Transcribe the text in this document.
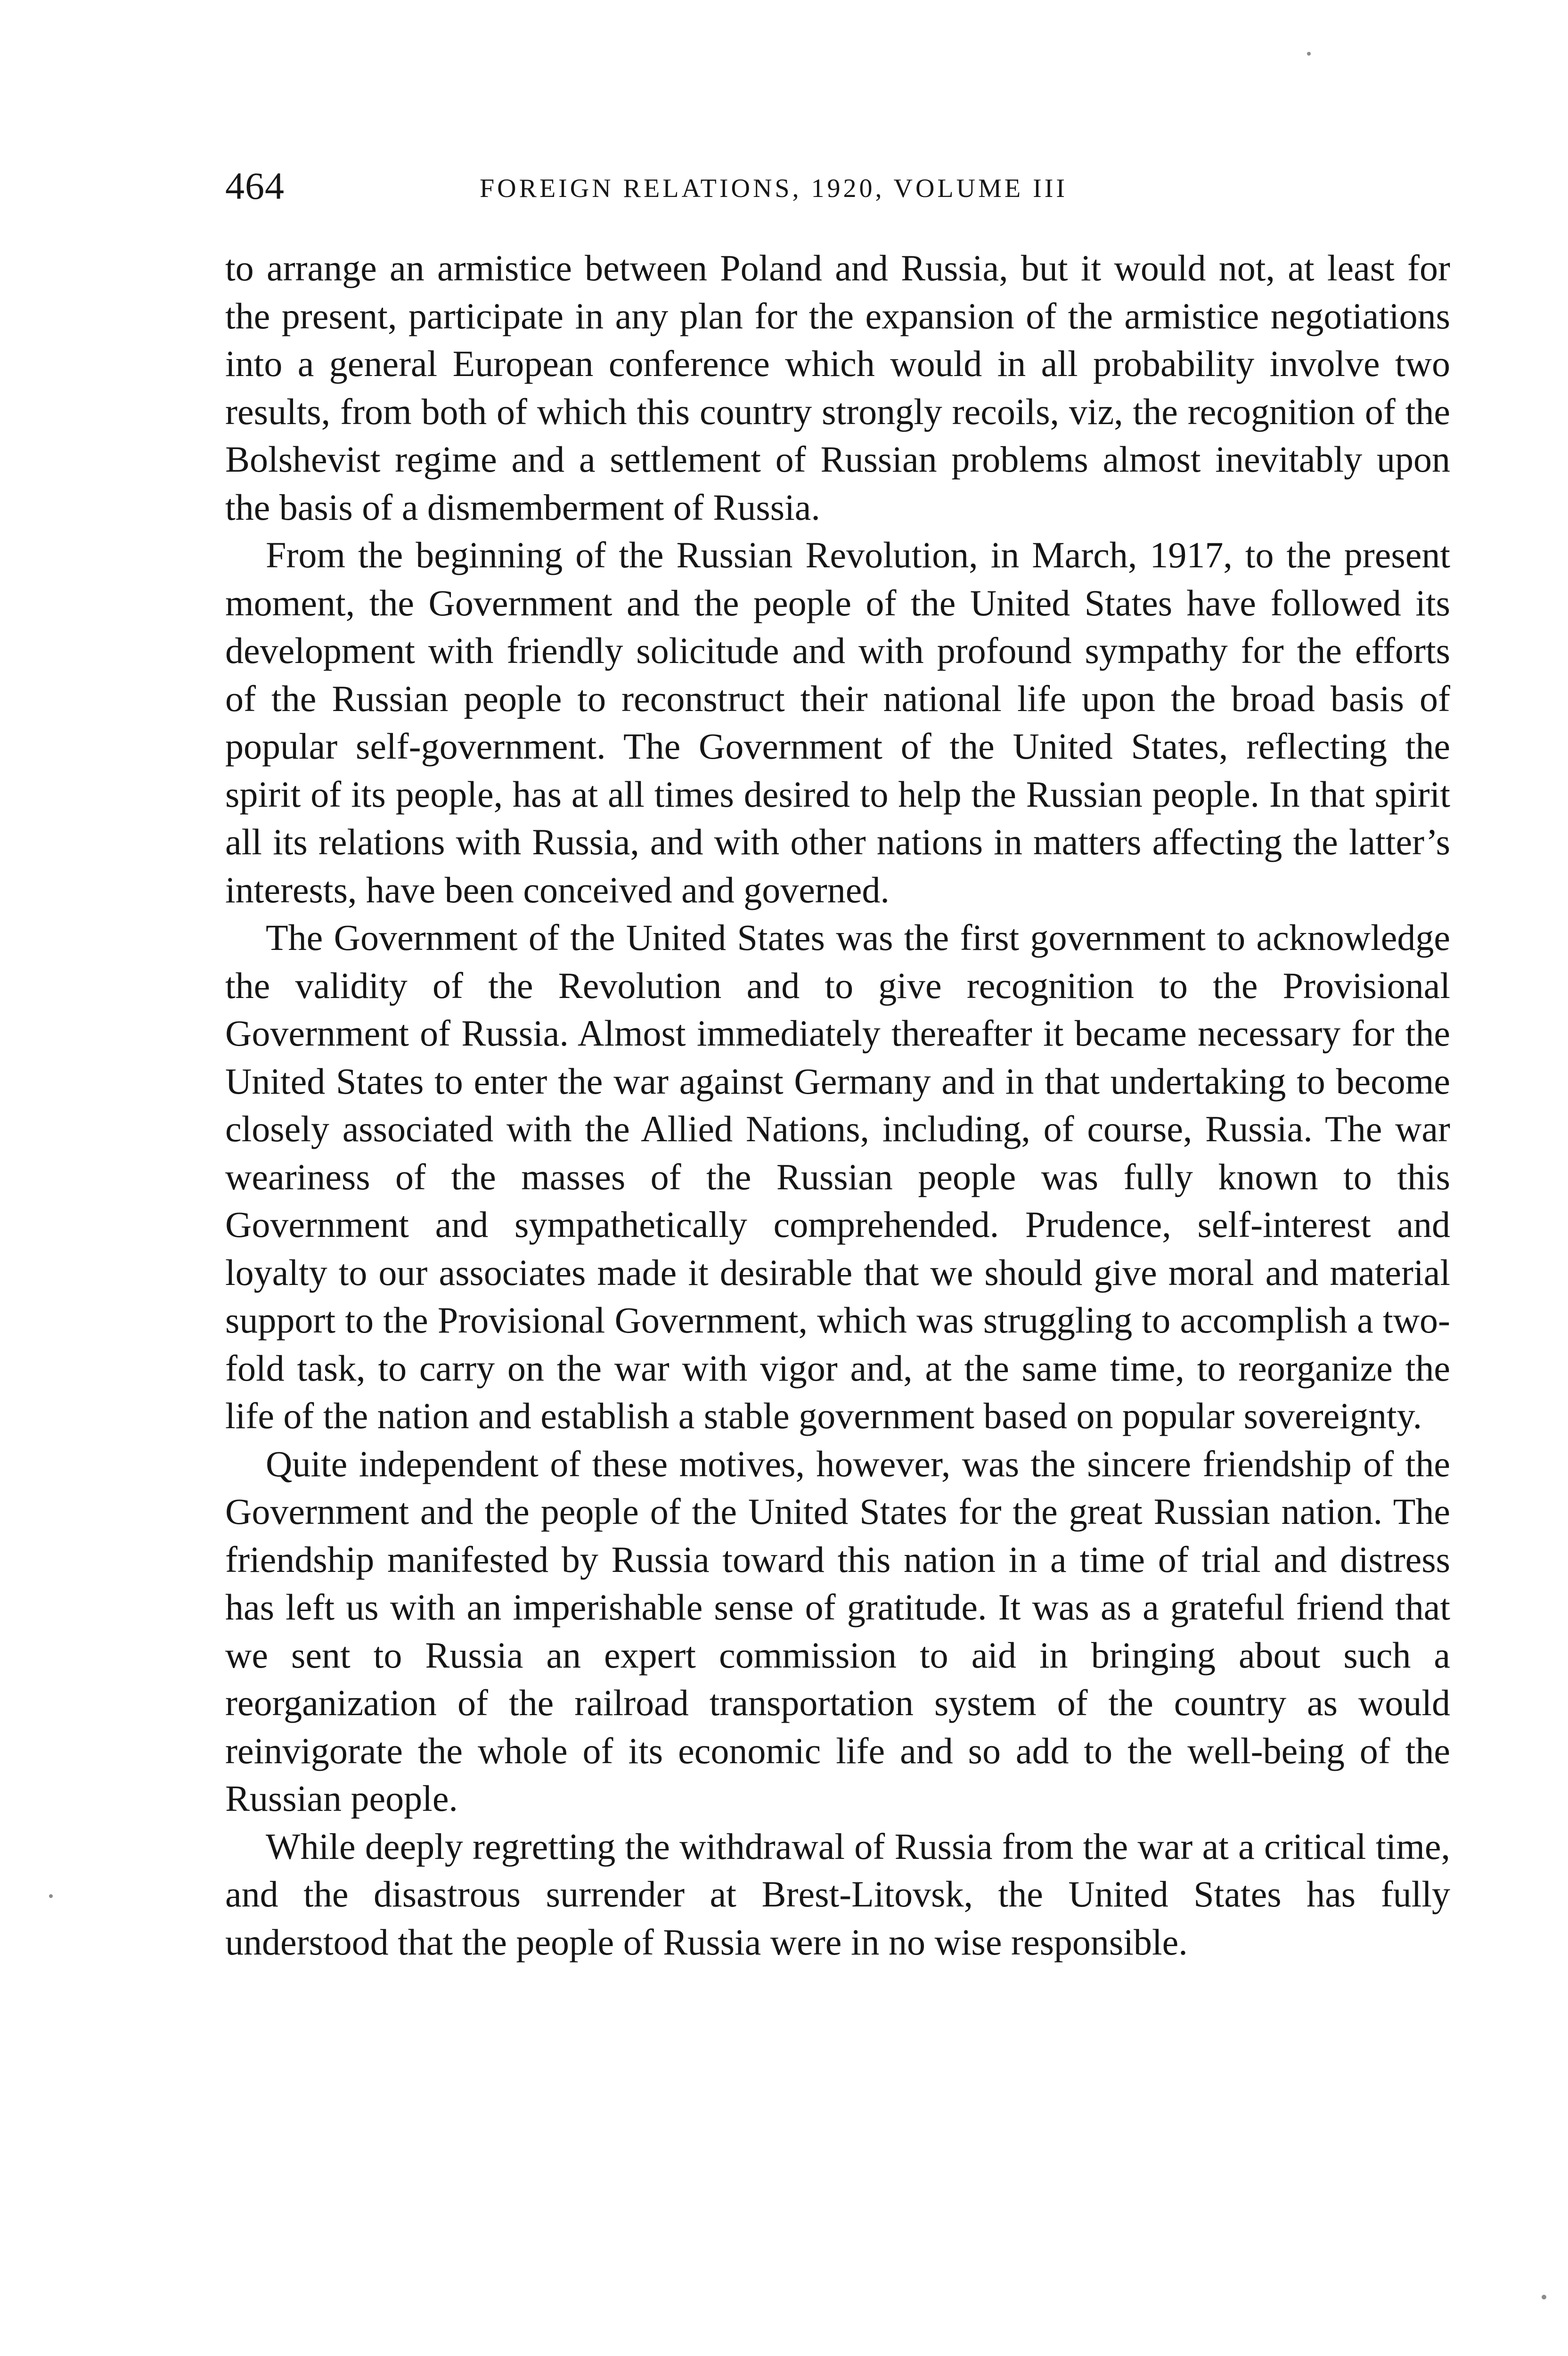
464	FOREIGN RELATIONS, 1920, VOLUME III

to arrange an armistice between Poland and Russia, but it would not, at least for the present, participate in any plan for the expansion of the armistice negotiations into a general European conference which would in all probability involve two results, from both of which this country strongly recoils, viz, the recognition of the Bolshevist regime and a settlement of Russian problems almost inevitably upon the basis of a dismemberment of Russia.

From the beginning of the Russian Revolution, in March, 1917, to the present moment, the Government and the people of the United States have followed its development with friendly solicitude and with profound sympathy for the efforts of the Russian people to reconstruct their national life upon the broad basis of popular self-government. The Government of the United States, reflecting the spirit of its people, has at all times desired to help the Russian people. In that spirit all its relations with Russia, and with other nations in matters affecting the latter’s interests, have been conceived and governed.

The Government of the United States was the first government to acknowledge the validity of the Revolution and to give recognition to the Provisional Government of Russia. Almost immediately thereafter it became necessary for the United States to enter the war against Germany and in that undertaking to become closely associated with the Allied Nations, including, of course, Russia. The war weariness of the masses of the Russian people was fully known to this Government and sympathetically comprehended. Prudence, self-interest and loyalty to our associates made it desirable that we should give moral and material support to the Provisional Government, which was struggling to accomplish a two-fold task, to carry on the war with vigor and, at the same time, to reorganize the life of the nation and establish a stable government based on popular sovereignty.

Quite independent of these motives, however, was the sincere friendship of the Government and the people of the United States for the great Russian nation. The friendship manifested by Russia toward this nation in a time of trial and distress has left us with an imperishable sense of gratitude. It was as a grateful friend that we sent to Russia an expert commission to aid in bringing about such a reorganization of the railroad transportation system of the country as would reinvigorate the whole of its economic life and so add to the well-being of the Russian people.

While deeply regretting the withdrawal of Russia from the war at a critical time, and the disastrous surrender at Brest-Litovsk, the United States has fully understood that the people of Russia were in no wise responsible.
